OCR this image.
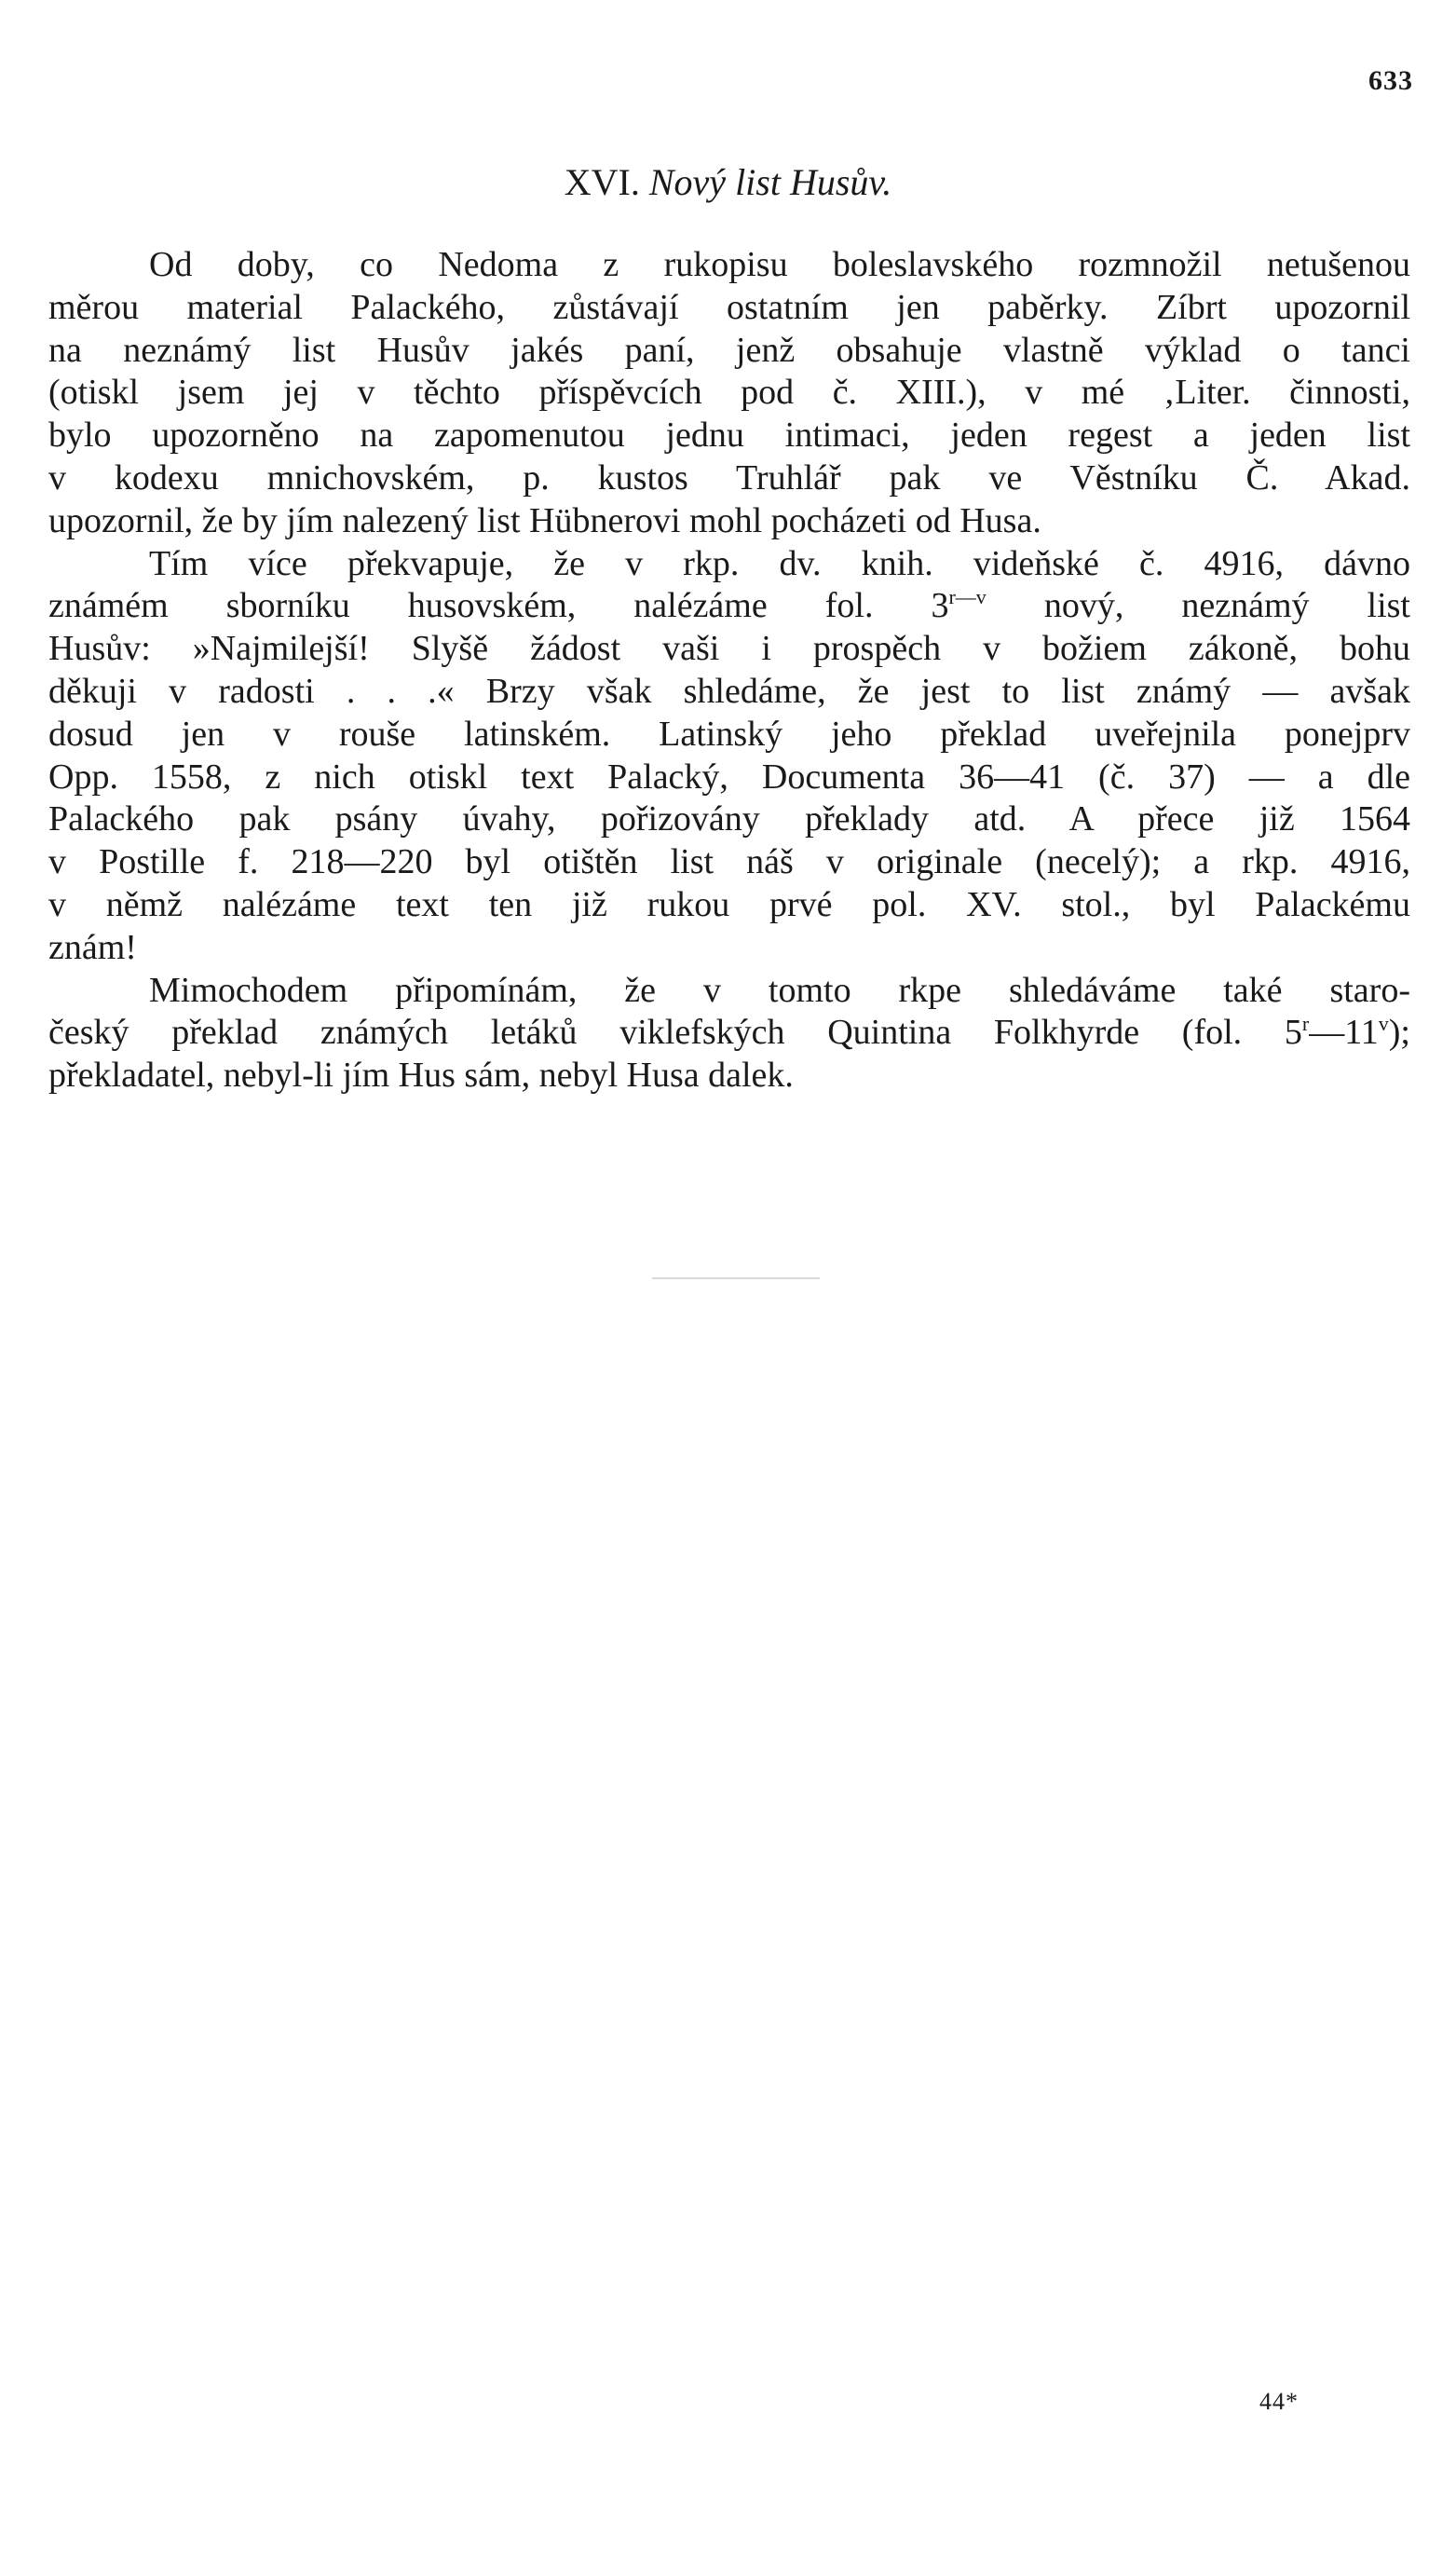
633
XVI. Nový list Husův.
Od doby, co Nedoma z rukopisu boleslavského rozmnožil netušenou
měrou material Palackého, zůstávají ostatním jen paběrky. Zíbrt upozornil
na neznámý list Husův jakés paní, jenž obsahuje vlastně výklad o tanci
(otiskl jsem jej v těchto příspěvcích pod č. XIII.), v mé ‚Liter. činnosti,
bylo upozorněno na zapomenutou jednu intimaci, jeden regest a jeden list
v kodexu mnichovském, p. kustos Truhlář pak ve Věstníku Č. Akad.
upozornil, že by jím nalezený list Hübnerovi mohl pocházeti od Husa.
Tím více překvapuje, že v rkp. dv. knih. videňské č. 4916, dávno
známém sborníku husovském, nalézáme fol. $3^{r—v}$ nový, neznámý list
Husův: »Najmilejší! Slyšě žádost vaši i prospěch v božiem zákoně, bohu
děkuji v radosti . . .« Brzy však shledáme, že jest to list známý — avšak
dosud jen v rouše latinském. Latinský jeho překlad uveřejnila ponejprv
Opp. 1558, z nich otiskl text Palacký, Documenta 36—41 (č. 37) — a dle
Palackého pak psány úvahy, pořizovány překlady atd. A přece již 1564
v Postille f. 218—220 byl otištěn list náš v originale (necelý); a rkp. 4916,
v němž nalézáme text ten již rukou prvé pol. XV. stol., byl Palackému
znám!
Mimochodem připomínám, že v tomto rkpe shledáváme také staro-
český překlad známých letáků viklefských Quintina Folkhyrde (fol. 5$^r$—11$^v$);
překladatel, nebyl-li jím Hus sám, nebyl Husa dalek.
44*
